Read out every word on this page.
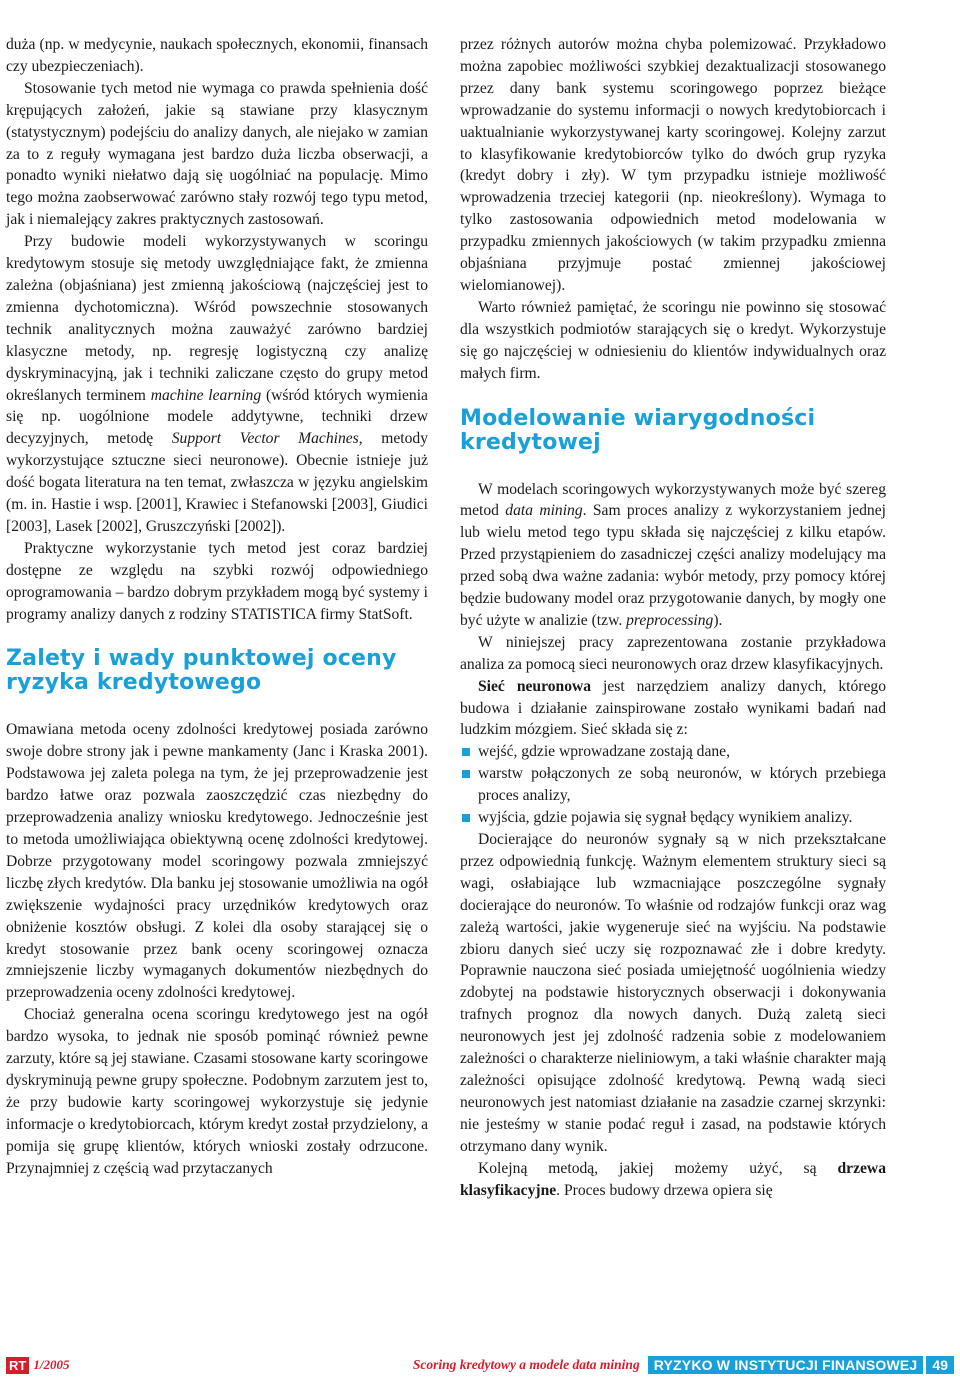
duża (np. w medycynie, naukach społecznych, ekonomii, finansach czy ubezpieczeniach).

Stosowanie tych metod nie wymaga co prawda spełnienia dość krępujących założeń, jakie są stawiane przy klasycznym (statystycznym) podejściu do analizy danych, ale niejako w zamian za to z reguły wymagana jest bardzo duża liczba obserwacji, a ponadto wyniki niełatwo dają się uogólniać na populację. Mimo tego można zaobserwować zarówno stały rozwój tego typu metod, jak i niemalejący zakres praktycznych zastosowań.

Przy budowie modeli wykorzystywanych w scoringu kredytowym stosuje się metody uwzględniające fakt, że zmienna zależna (objaśniana) jest zmienną jakościową (najczęściej jest to zmienna dychotomiczna). Wśród powszechnie stosowanych technik analitycznych można zauważyć zarówno bardziej klasyczne metody, np. regresję logistyczną czy analizę dyskryminacyjną, jak i techniki zaliczane często do grupy metod określanych terminem machine learning (wśród których wymienia się np. uogólnione modele addytywne, techniki drzew decyzyjnych, metodę Support Vector Machines, metody wykorzystujące sztuczne sieci neuronowe). Obecnie istnieje już dość bogata literatura na ten temat, zwłaszcza w języku angielskim (m. in. Hastie i wsp. [2001], Krawiec i Stefanowski [2003], Giudici [2003], Lasek [2002], Gruszczyński [2002]).

Praktyczne wykorzystanie tych metod jest coraz bardziej dostępne ze względu na szybki rozwój odpowiedniego oprogramowania – bardzo dobrym przykładem mogą być systemy i programy analizy danych z rodziny STATISTICA firmy StatSoft.

Zalety i wady punktowej oceny ryzyka kredytowego

Omawiana metoda oceny zdolności kredytowej posiada zarówno swoje dobre strony jak i pewne mankamenty (Janc i Kraska 2001). Podstawowa jej zaleta polega na tym, że jej przeprowadzenie jest bardzo łatwe oraz pozwala zaoszczędzić czas niezbędny do przeprowadzenia analizy wniosku kredytowego. Jednocześnie jest to metoda umożliwiająca obiektywną ocenę zdolności kredytowej. Dobrze przygotowany model scoringowy pozwala zmniejszyć liczbę złych kredytów. Dla banku jej stosowanie umożliwia na ogół zwiększenie wydajności pracy urzędników kredytowych oraz obniżenie kosztów obsługi. Z kolei dla osoby starającej się o kredyt stosowanie przez bank oceny scoringowej oznacza zmniejszenie liczby wymaganych dokumentów niezbędnych do przeprowadzenia oceny zdolności kredytowej.

Chociaż generalna ocena scoringu kredytowego jest na ogół bardzo wysoka, to jednak nie sposób pominąć również pewne zarzuty, które są jej stawiane. Czasami stosowane karty scoringowe dyskryminują pewne grupy społeczne. Podobnym zarzutem jest to, że przy budowie karty scoringowej wykorzystuje się jedynie informacje o kredytobiorcach, którym kredyt został przydzielony, a pomija się grupę klientów, których wnioski zostały odrzucone. Przynajmniej z częścią wad przytaczanych

przez różnych autorów można chyba polemizować. Przykładowo można zapobiec możliwości szybkiej dezaktualizacji stosowanego przez dany bank systemu scoringowego poprzez bieżące wprowadzanie do systemu informacji o nowych kredytobiorcach i uaktualnianie wykorzystywanej karty scoringowej. Kolejny zarzut to klasyfikowanie kredytobiorców tylko do dwóch grup ryzyka (kredyt dobry i zły). W tym przypadku istnieje możliwość wprowadzenia trzeciej kategorii (np. nieokreślony). Wymaga to tylko zastosowania odpowiednich metod modelowania w przypadku zmiennych jakościowych (w takim przypadku zmienna objaśniana przyjmuje postać zmiennej jakościowej wielomianowej).

Warto również pamiętać, że scoringu nie powinno się stosować dla wszystkich podmiotów starających się o kredyt. Wykorzystuje się go najczęściej w odniesieniu do klientów indywidualnych oraz małych firm.

Modelowanie wiarygodności kredytowej

W modelach scoringowych wykorzystywanych może być szereg metod data mining. Sam proces analizy z wykorzystaniem jednej lub wielu metod tego typu składa się najczęściej z kilku etapów. Przed przystąpieniem do zasadniczej części analizy modelujący ma przed sobą dwa ważne zadania: wybór metody, przy pomocy której będzie budowany model oraz przygotowanie danych, by mogły one być użyte w analizie (tzw. preprocessing).

W niniejszej pracy zaprezentowana zostanie przykładowa analiza za pomocą sieci neuronowych oraz drzew klasyfikacyjnych.

Sieć neuronowa jest narzędziem analizy danych, którego budowa i działanie zainspirowane zostało wynikami badań nad ludzkim mózgiem. Sieć składa się z:

wejść, gdzie wprowadzane zostają dane,
warstw połączonych ze sobą neuronów, w których przebiega proces analizy,
wyjścia, gdzie pojawia się sygnał będący wynikiem analizy.

Docierające do neuronów sygnały są w nich przekształcane przez odpowiednią funkcję. Ważnym elementem struktury sieci są wagi, osłabiające lub wzmacniające poszczególne sygnały docierające do neuronów. To właśnie od rodzajów funkcji oraz wag zależą wartości, jakie wygeneruje sieć na wyjściu. Na podstawie zbioru danych sieć uczy się rozpoznawać złe i dobre kredyty. Poprawnie nauczona sieć posiada umiejętność uogólnienia wiedzy zdobytej na podstawie historycznych obserwacji i dokonywania trafnych prognoz dla nowych danych. Dużą zaletą sieci neuronowych jest jej zdolność radzenia sobie z modelowaniem zależności o charakterze nieliniowym, a taki właśnie charakter mają zależności opisujące zdolność kredytową. Pewną wadą sieci neuronowych jest natomiast działanie na zasadzie czarnej skrzynki: nie jesteśmy w stanie podać reguł i zasad, na podstawie których otrzymano dany wynik.

Kolejną metodą, jakiej możemy użyć, są drzewa klasyfikacyjne. Proces budowy drzewa opiera się

RT 1/2005	Scoring kredytowy a modele data mining	RYZYKO W INSTYTUCJI FINANSOWEJ	49
